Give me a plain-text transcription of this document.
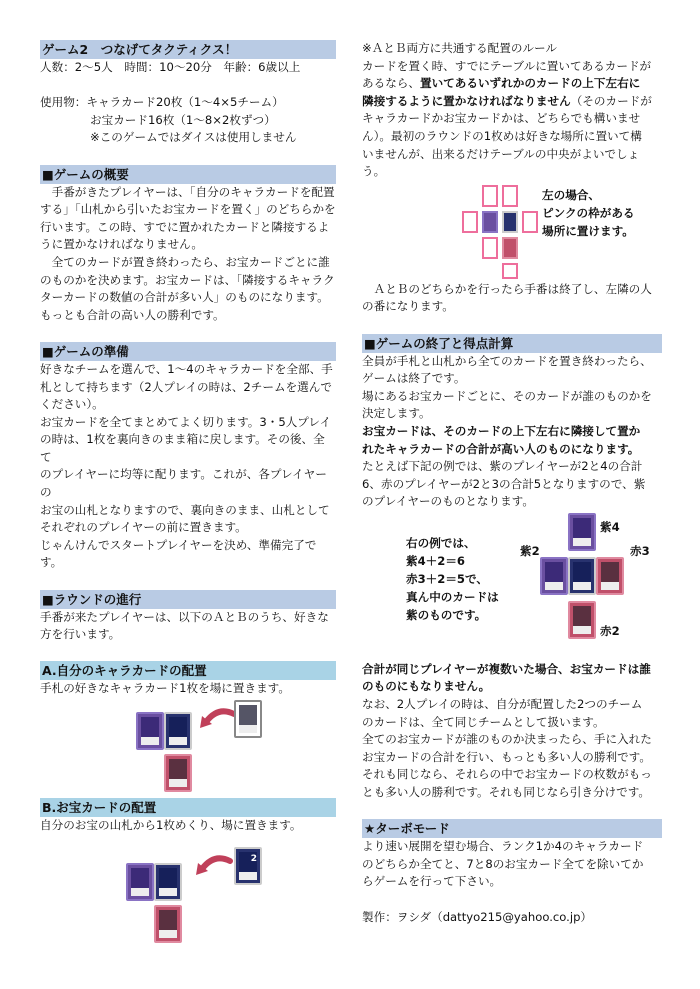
ゲーム2　つなげてタクティクス！

人数：2～5人　時間：10～20分　年齢：6歳以上

使用物：キャラカード20枚（1～4×5チーム）

お宝カード16枚（1～8×2枚ずつ）

※このゲームではダイスは使用しません

■ゲームの概要

　手番がきたプレイヤーは、「自分のキャラカードを配置

する」「山札から引いたお宝カードを置く」のどちらかを

行います。この時、すでに置かれたカードと隣接するよ

うに置かなければなりません。

　全てのカードが置き終わったら、お宝カードごとに誰

のものかを決めます。お宝カードは、「隣接するキャラク

ターカードの数値の合計が多い人」のものになります。

もっとも合計の高い人の勝利です。

■ゲームの準備

好きなチームを選んで、1～4のキャラカードを全部、手

札として持ちます（2人プレイの時は、2チームを選んで

ください）。

お宝カードを全てまとめてよく切ります。3・5人プレイ

の時は、1枚を裏向きのまま箱に戻します。その後、全て

のプレイヤーに均等に配ります。これが、各プレイヤーの

お宝の山札となりますので、裏向きのまま、山札として

それぞれのプレイヤーの前に置きます。

じゃんけんでスタートプレイヤーを決め、準備完了です。

■ラウンドの進行

手番が来たプレイヤーは、以下のＡとＢのうち、好きな

方を行います。

A.自分のキャラカードの配置

手札の好きなキャラカード1枚を場に置きます。

B.お宝カードの配置

自分のお宝の山札から1枚めくり、場に置きます。

2

※ＡとＢ両方に共通する配置のルール

カードを置く時、すでにテーブルに置いてあるカードが

あるなら、置いてあるいずれかのカードの上下左右に

隣接するように置かなければなりません（そのカードが

キャラカードかお宝カードかは、どちらでも構いませ

ん）。最初のラウンドの1枚めは好きな場所に置いて構

いませんが、出来るだけテーブルの中央がよいでしょう。

左の場合、
ピンクの枠がある
場所に置けます。

　ＡとＢのどちらかを行ったら手番は終了し、左隣の人

の番になります。

■ゲームの終了と得点計算

全員が手札と山札から全てのカードを置き終わったら、

ゲームは終了です。

場にあるお宝カードごとに、そのカードが誰のものかを

決定します。

お宝カードは、そのカードの上下左右に隣接して置か

れたキャラカードの合計が高い人のものになります。

たとえば下記の例では、紫のプレイヤーが2と4の合計

6、赤のプレイヤーが2と3の合計5となりますので、紫

のプレイヤーのものとなります。

右の例では、
紫4＋2＝6
赤3＋2＝5で、
真ん中のカードは
紫のものです。
紫4
紫2	赤3
赤2

合計が同じプレイヤーが複数いた場合、お宝カードは誰

のものにもなりません。

なお、2人プレイの時は、自分が配置した2つのチーム

のカードは、全て同じチームとして扱います。

全てのお宝カードが誰のものか決まったら、手に入れた

お宝カードの合計を行い、もっとも多い人の勝利です。

それも同じなら、それらの中でお宝カードの枚数がもっ

とも多い人の勝利です。それも同じなら引き分けです。

★ターボモード

より速い展開を望む場合、ランク1か4のキャラカード

のどちらか全てと、7と8のお宝カード全てを除いてか

らゲームを行って下さい。

製作：ヲシダ（dattyo215@yahoo.co.jp）
